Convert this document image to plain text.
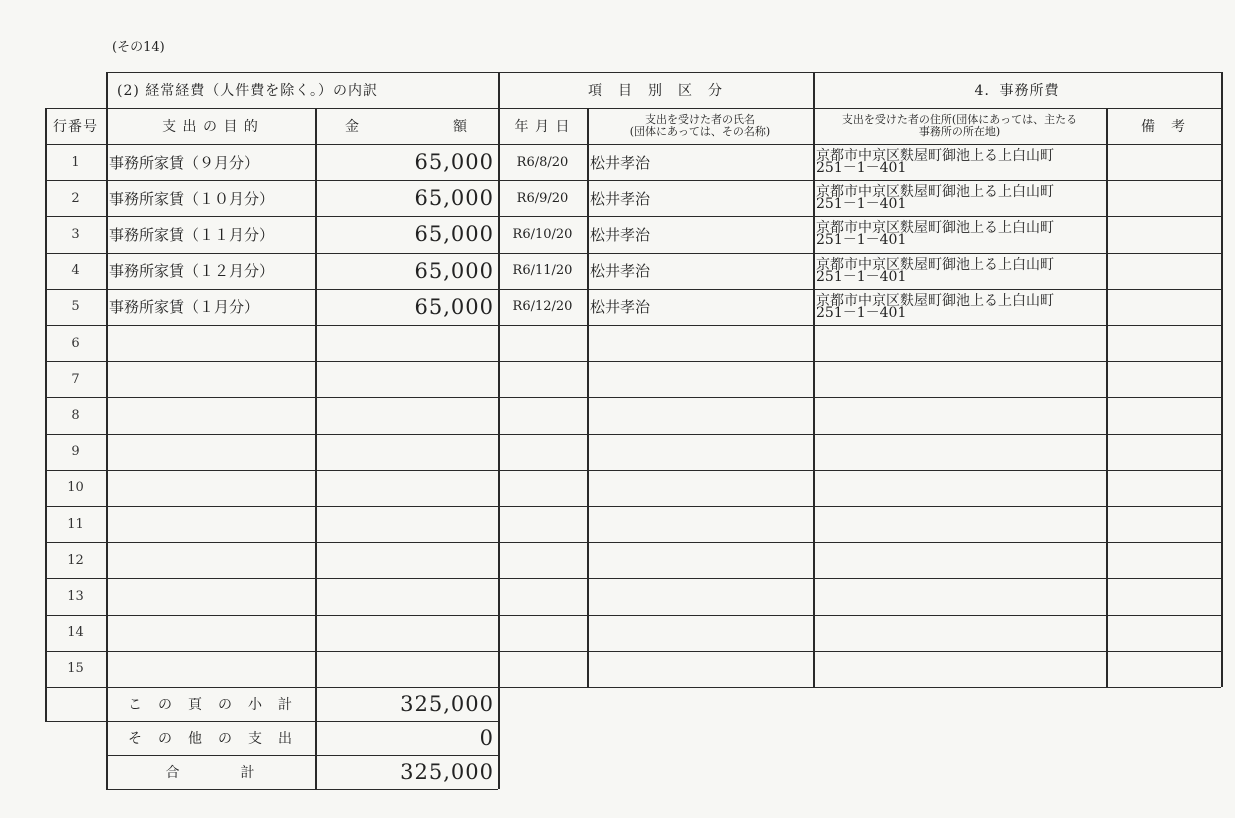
(その14)
(2) 経常経費（人件費を除く。）の内訳	項　目　別　区　分	4．事務所費
行番号	支 出 の 目 的	金	額	年 月 日	支出を受けた者の氏名
(団体にあっては、その名称)
支出を受けた者の住所(団体にあっては、主たる
事務所の所在地)	備　考
1	事務所家賃（９月分）	65,000	R6/8/20	松井孝治	京都市中京区麩屋町御池上る上白山町
251－1－401
2	事務所家賃（１０月分）	65,000	R6/9/20	松井孝治	京都市中京区麩屋町御池上る上白山町
251－1－401
3	事務所家賃（１１月分）	65,000	R6/10/20	松井孝治	京都市中京区麩屋町御池上る上白山町
251－1－401
4	事務所家賃（１２月分）	65,000	R6/11/20	松井孝治	京都市中京区麩屋町御池上る上白山町
251－1－401
5	事務所家賃（１月分）	65,000	R6/12/20	松井孝治	京都市中京区麩屋町御池上る上白山町
251－1－401
6
7
8
9
10
11
12
13
14
15
こ　の　頁　の　小　計	325,000
そ　の　他　の　支　出	0
合　　　　計	325,000
